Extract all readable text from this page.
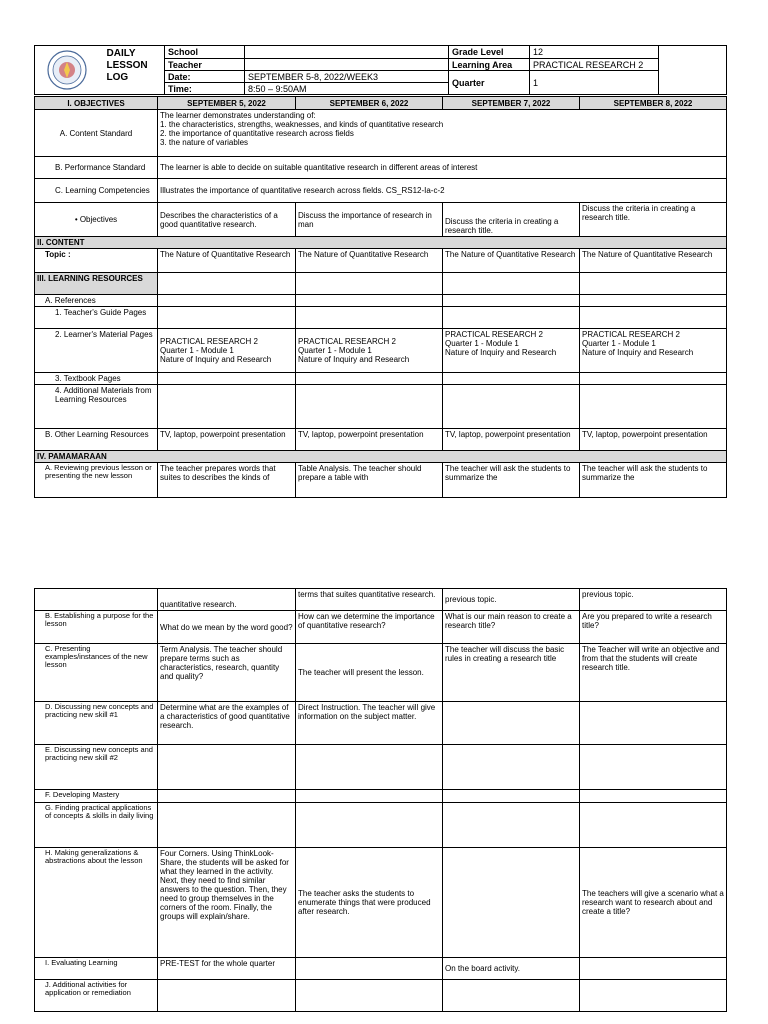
	DAILY
LESSON
LOG	School		Grade Level	12	
		Teacher		Learning Area	PRACTICAL RESEARCH 2	
		Date:	SEPTEMBER 5-8, 2022/WEEK3	Quarter	1	
		Time:	8:50 – 9:50AM			
I. OBJECTIVES	SEPTEMBER 5, 2022	SEPTEMBER 6, 2022	SEPTEMBER 7, 2022	SEPTEMBER 8, 2022
A. Content Standard	The learner demonstrates understanding of:
1. the characteristics, strengths, weaknesses, and kinds of quantitative research
2. the importance of quantitative research across fields
3. the nature of variables			

B. Performance Standard	The learner is able to decide on suitable quantitative research in different areas of interest			
C. Learning Competencies	Illustrates the importance of quantitative research across fields. CS_RS12-Ia-c-2			
• Objectives	Describes the characteristics of a good quantitative research.	Discuss the importance of research in man	Discuss the criteria in creating a research title.	Discuss the criteria in creating a research title.
II. CONTENT				
Topic :	The Nature of Quantitative Research	The Nature of Quantitative Research	The Nature of Quantitative Research	The Nature of Quantitative Research
III. LEARNING RESOURCES				
A. References				
1. Teacher's Guide Pages				
2. Learner's Material Pages	PRACTICAL RESEARCH 2
Quarter 1 - Module 1
Nature of Inquiry and Research	PRACTICAL RESEARCH 2
Quarter 1 - Module 1
Nature of Inquiry and Research	PRACTICAL RESEARCH 2
Quarter 1 - Module 1
Nature of Inquiry and Research	PRACTICAL RESEARCH 2
Quarter 1 - Module 1
Nature of Inquiry and Research
3. Textbook Pages				
4. Additional Materials from Learning Resources				
B. Other Learning Resources	TV, laptop, powerpoint presentation	TV, laptop, powerpoint presentation	TV, laptop, powerpoint presentation	TV, laptop, powerpoint presentation
IV. PAMAMARAAN				
A. Reviewing previous lesson or presenting the new lesson	The teacher prepares words that suites to describes the kinds of	Table Analysis. The teacher should prepare a table with	The teacher will ask the students to summarize the	The teacher will ask the students to summarize the
	quantitative research.	terms that suites quantitative research.	previous topic.	previous topic.
B. Establishing a purpose for the lesson	What do we mean by the word good?	How can we determine the importance of quantitative research?	What is our main reason to create a research title?	Are you prepared to write a research title?
C. Presenting examples/instances of the new lesson	Term Analysis. The teacher should prepare terms such as characteristics, research, quantity and quality?	The teacher will present the lesson.	The teacher will discuss the basic rules in creating a research title	The Teacher will write an objective and from that the students will create research title.
D. Discussing new concepts and practicing new skill #1	Determine what are the examples of a characteristics of good quantitative research.	Direct Instruction. The teacher will give information on the subject matter.		
E. Discussing new concepts and practicing new skill #2				
F. Developing Mastery				
G. Finding practical applications of concepts & skills in daily living				
H. Making generalizations & abstractions about the lesson	Four Corners. Using ThinkLook-Share, the students will be asked for what they learned in the activity. Next, they need to find similar answers to the question. Then, they need to group themselves in the corners of the room. Finally, the groups will explain/share.	The teacher asks the students to enumerate things that were produced after research.		The teachers will give a scenario what a research want to research about and create a title?
I. Evaluating Learning	PRE-TEST for the whole quarter		On the board activity.	
J. Additional activities for application or remediation				
